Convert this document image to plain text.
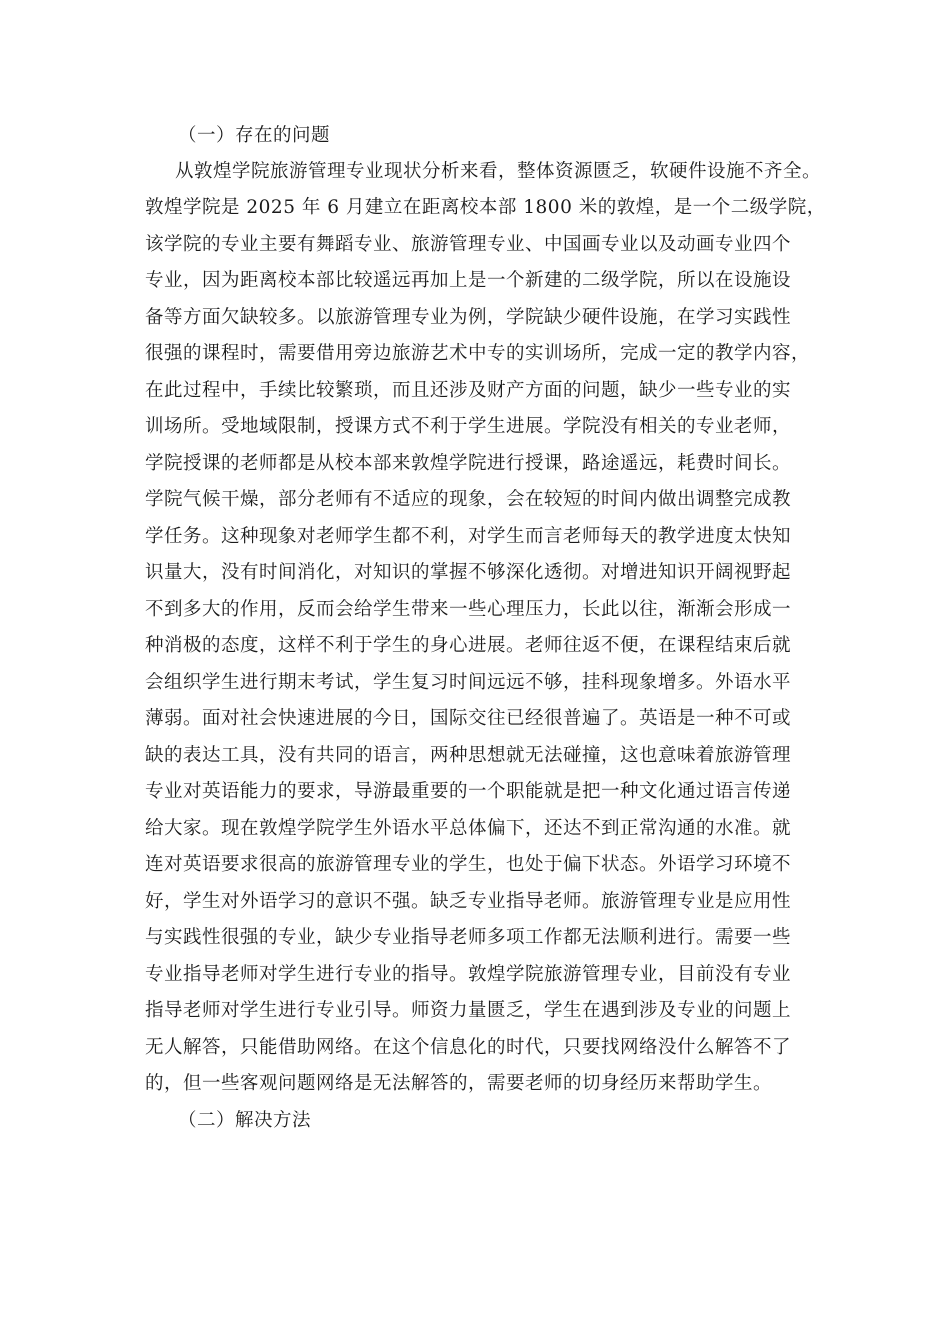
（一）存在的问题
从敦煌学院旅游管理专业现状分析来看，整体资源匮乏，软硬件设施不齐全。
敦煌学院是 2025 年 6 月建立在距离校本部 1800 米的敦煌，是一个二级学院，
该学院的专业主要有舞蹈专业、旅游管理专业、中国画专业以及动画专业四个
专业，因为距离校本部比较遥远再加上是一个新建的二级学院，所以在设施设
备等方面欠缺较多。以旅游管理专业为例，学院缺少硬件设施，在学习实践性
很强的课程时，需要借用旁边旅游艺术中专的实训场所，完成一定的教学内容，
在此过程中，手续比较繁琐，而且还涉及财产方面的问题，缺少一些专业的实
训场所。受地域限制，授课方式不利于学生进展。学院没有相关的专业老师，
学院授课的老师都是从校本部来敦煌学院进行授课，路途遥远，耗费时间长。
学院气候干燥，部分老师有不适应的现象，会在较短的时间内做出调整完成教
学任务。这种现象对老师学生都不利，对学生而言老师每天的教学进度太快知
识量大，没有时间消化，对知识的掌握不够深化透彻。对增进知识开阔视野起
不到多大的作用，反而会给学生带来一些心理压力，长此以往，渐渐会形成一
种消极的态度，这样不利于学生的身心进展。老师往返不便，在课程结束后就
会组织学生进行期末考试，学生复习时间远远不够，挂科现象增多。外语水平
薄弱。面对社会快速进展的今日，国际交往已经很普遍了。英语是一种不可或
缺的表达工具，没有共同的语言，两种思想就无法碰撞，这也意味着旅游管理
专业对英语能力的要求，导游最重要的一个职能就是把一种文化通过语言传递
给大家。现在敦煌学院学生外语水平总体偏下，还达不到正常沟通的水准。就
连对英语要求很高的旅游管理专业的学生，也处于偏下状态。外语学习环境不
好，学生对外语学习的意识不强。缺乏专业指导老师。旅游管理专业是应用性
与实践性很强的专业，缺少专业指导老师多项工作都无法顺利进行。需要一些
专业指导老师对学生进行专业的指导。敦煌学院旅游管理专业，目前没有专业
指导老师对学生进行专业引导。师资力量匮乏，学生在遇到涉及专业的问题上
无人解答，只能借助网络。在这个信息化的时代，只要找网络没什么解答不了
的，但一些客观问题网络是无法解答的，需要老师的切身经历来帮助学生。
（二）解决方法
